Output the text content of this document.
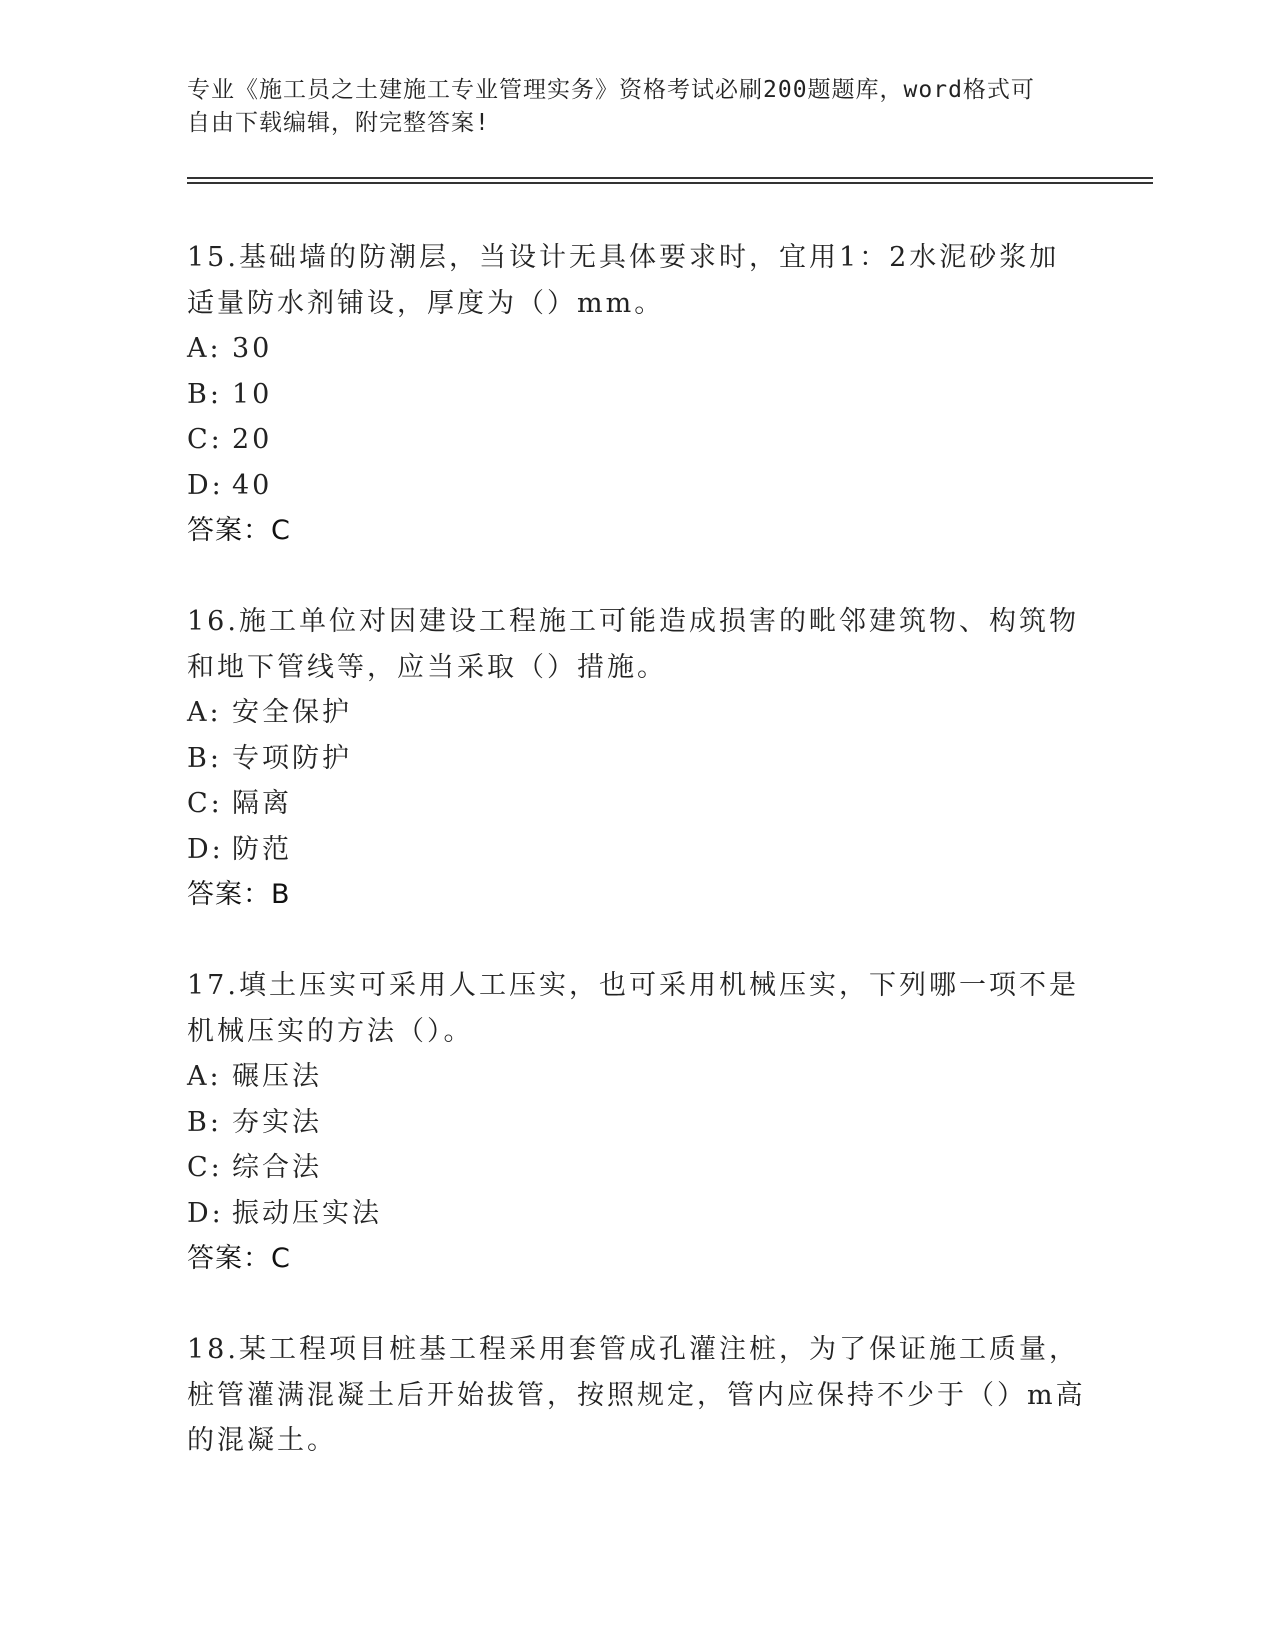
专业《施工员之土建施工专业管理实务》资格考试必刷200题题库，word格式可
自由下载编辑，附完整答案!

15.基础墙的防潮层，当设计无具体要求时，宜用1：2水泥砂浆加适量防水剂铺设，厚度为（）mm。

A: 30
B: 10
C: 20
D: 40
答案：C

16.施工单位对因建设工程施工可能造成损害的毗邻建筑物、构筑物和地下管线等，应当采取（）措施。

A: 安全保护
B: 专项防护
C: 隔离
D: 防范
答案：B

17.填土压实可采用人工压实，也可采用机械压实，下列哪一项不是机械压实的方法（）。

A: 碾压法
B: 夯实法
C: 综合法
D: 振动压实法
答案：C

18.某工程项目桩基工程采用套管成孔灌注桩，为了保证施工质量，桩管灌满混凝土后开始拔管，按照规定，管内应保持不少于（）m高的混凝土。
